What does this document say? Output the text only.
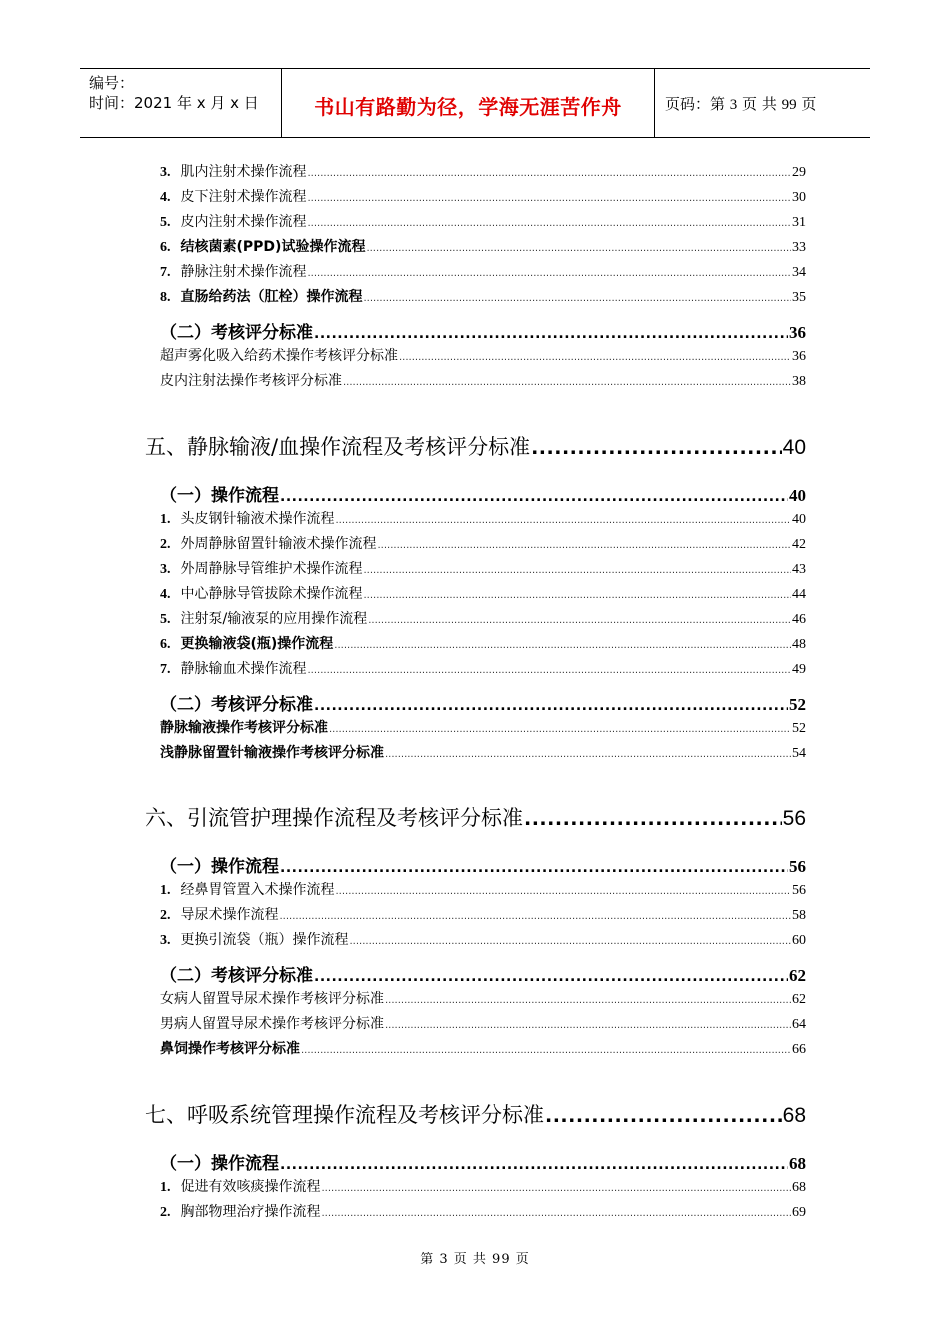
编号：
时间：2021 年 x 月 x 日	书山有路勤为径，学海无涯苦作舟	页码：第 3 页 共 99 页
3. 肌内注射术操作流程 .....	29
4. 皮下注射术操作流程 .....	30
5. 皮内注射术操作流程 .....	31
6. 结核菌素(PPD)试验操作流程 .....	33
7. 静脉注射术操作流程 .....	34
8. 直肠给药法（肛栓）操作流程 .....	35
（二）考核评分标准 .....	36
超声雾化吸入给药术操作考核评分标准 .....	36
皮内注射法操作考核评分标准 .....	38
五、静脉输液/血操作流程及考核评分标准 .....	40
（一）操作流程 .....	40
1. 头皮钢针输液术操作流程 .....	40
2. 外周静脉留置针输液术操作流程 .....	42
3. 外周静脉导管维护术操作流程 .....	43
4. 中心静脉导管拔除术操作流程 .....	44
5. 注射泵/输液泵的应用操作流程 .....	46
6. 更换输液袋(瓶)操作流程 .....	48
7. 静脉输血术操作流程 .....	49
（二）考核评分标准 .....	52
静脉输液操作考核评分标准 .....	52
浅静脉留置针输液操作考核评分标准 .....	54
六、引流管护理操作流程及考核评分标准 .....	56
（一）操作流程 .....	56
1. 经鼻胃管置入术操作流程 .....	56
2. 导尿术操作流程 .....	58
3. 更换引流袋（瓶）操作流程 .....	60
（二）考核评分标准 .....	62
女病人留置导尿术操作考核评分标准 .....	62
男病人留置导尿术操作考核评分标准 .....	64
鼻饲操作考核评分标准 .....	66
七、呼吸系统管理操作流程及考核评分标准 .....	68
（一）操作流程 .....	68
1. 促进有效咳痰操作流程 .....	68
2. 胸部物理治疗操作流程 .....	69
第 3 页 共 99 页
